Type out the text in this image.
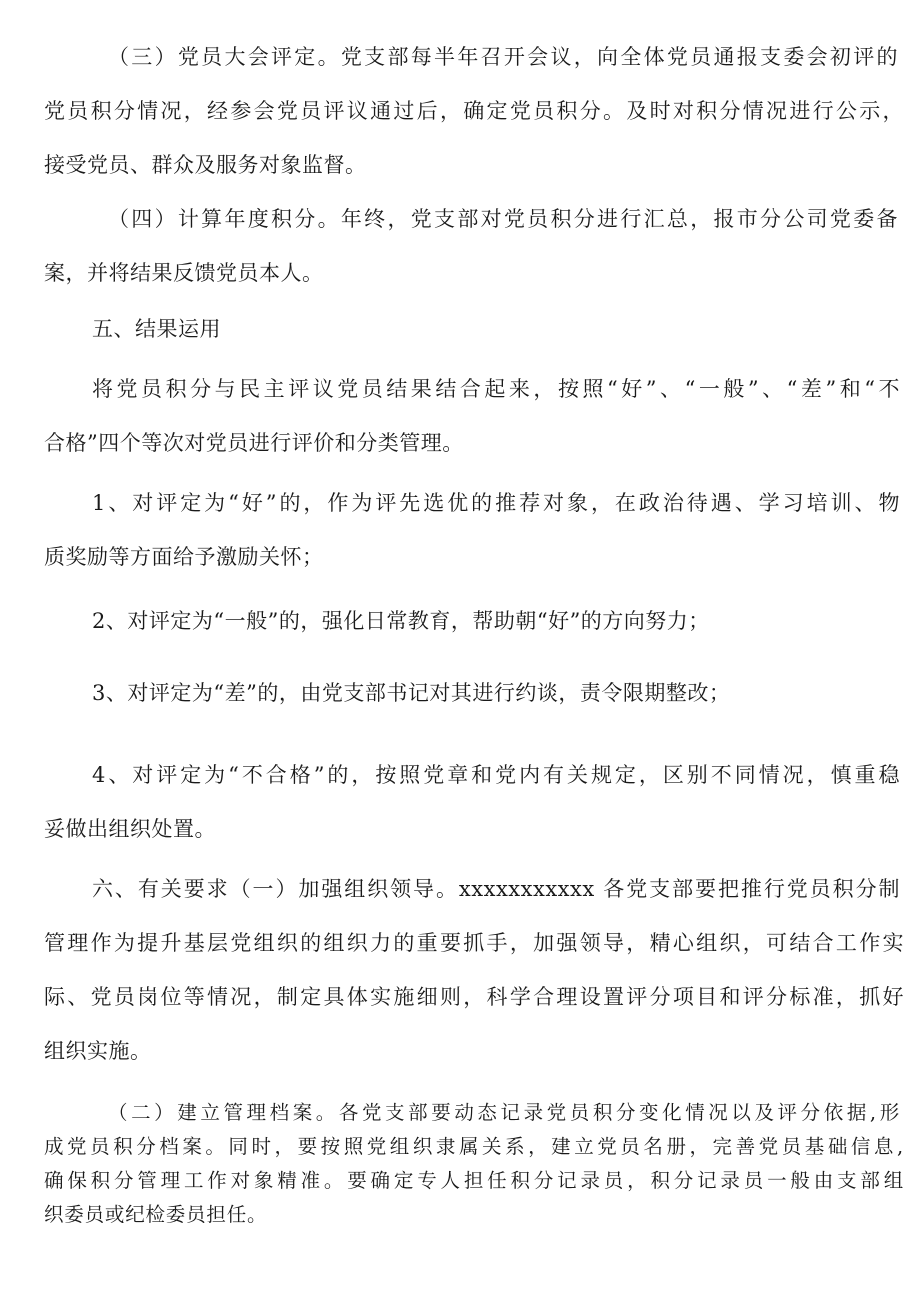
（三）党员大会评定。党支部每半年召开会议，向全体党员通报支委会初评的
党员积分情况，经参会党员评议通过后，确定党员积分。及时对积分情况进行公示，
接受党员、群众及服务对象监督。
（四）计算年度积分。年终，党支部对党员积分进行汇总，报市分公司党委备
案，并将结果反馈党员本人。
五、结果运用
将党员积分与民主评议党员结果结合起来，按照“好”、“一般”、“差”和“不
合格”四个等次对党员进行评价和分类管理。
1、对评定为“好”的，作为评先选优的推荐对象，在政治待遇、学习培训、物
质奖励等方面给予激励关怀；
2、对评定为“一般”的，强化日常教育，帮助朝“好”的方向努力；
3、对评定为“差”的，由党支部书记对其进行约谈，责令限期整改；
4、对评定为“不合格”的，按照党章和党内有关规定，区别不同情况，慎重稳
妥做出组织处置。
六、有关要求（一）加强组织领导。xxxxxxxxxxx 各党支部要把推行党员积分制
管理作为提升基层党组织的组织力的重要抓手，加强领导，精心组织，可结合工作实
际、党员岗位等情况，制定具体实施细则，科学合理设置评分项目和评分标准，抓好
组织实施。
（二）建立管理档案。各党支部要动态记录党员积分变化情况以及评分依据,形
成党员积分档案。同时，要按照党组织隶属关系，建立党员名册，完善党员基础信息,
确保积分管理工作对象精准。要确定专人担任积分记录员，积分记录员一般由支部组
织委员或纪检委员担任。
